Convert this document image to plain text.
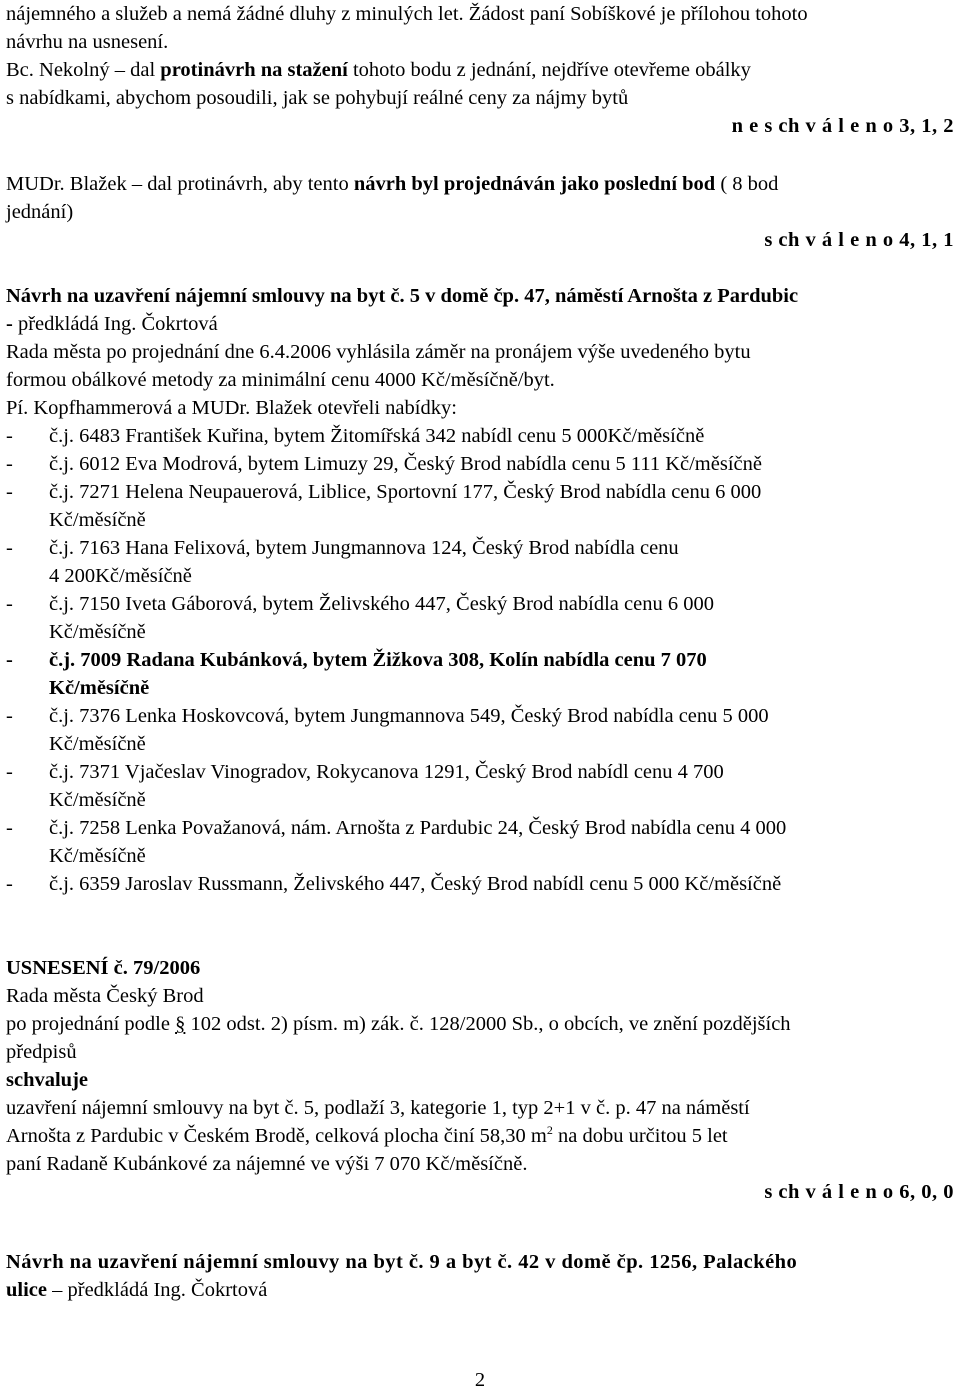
nájemného a služeb a nemá žádné dluhy z minulých let. Žádost paní Sobíškové je přílohou tohoto
návrhu na usnesení.
Bc. Nekolný – dal protinávrh na stažení tohoto bodu z jednání, nejdříve otevřeme obálky
s nabídkami, abychom posoudili, jak se pohybují reálné ceny za nájmy bytů
n e s ch v á l e n o 3, 1, 2
MUDr. Blažek – dal protinávrh, aby tento návrh byl projednáván jako poslední bod ( 8 bod
jednání)
s ch v á l e n o 4, 1, 1
Návrh na uzavření nájemní smlouvy na byt č. 5 v domě čp. 47, náměstí Arnošta z Pardubic
- předkládá Ing. Čokrtová
Rada města po projednání dne 6.4.2006 vyhlásila záměr na pronájem výše uvedeného bytu
formou obálkové metody za minimální cenu 4000 Kč/měsíčně/byt.
Pí. Kopfhammerová a MUDr. Blažek otevřeli nabídky:
- č.j. 6483 František Kuřina, bytem Žitomířská 342 nabídl cenu 5 000Kč/měsíčně
- č.j. 6012 Eva Modrová, bytem Limuzy 29, Český Brod nabídla cenu 5 111 Kč/měsíčně
- č.j. 7271 Helena Neupauerová, Liblice, Sportovní 177, Český Brod nabídla cenu 6 000
Kč/měsíčně
- č.j. 7163 Hana Felixová, bytem Jungmannova 124, Český Brod nabídla cenu
4 200Kč/měsíčně
- č.j. 7150 Iveta Gáborová, bytem Želivského 447, Český Brod nabídla cenu 6 000
Kč/měsíčně
- č.j. 7009 Radana Kubánková, bytem Žižkova 308, Kolín nabídla cenu 7 070
Kč/měsíčně
- č.j. 7376 Lenka Hoskovcová, bytem Jungmannova 549, Český Brod nabídla cenu 5 000
Kč/měsíčně
- č.j. 7371 Vjačeslav Vinogradov, Rokycanova 1291, Český Brod nabídl cenu 4 700
Kč/měsíčně
- č.j. 7258 Lenka Považanová, nám. Arnošta z Pardubic 24, Český Brod nabídla cenu 4 000
Kč/měsíčně
- č.j. 6359 Jaroslav Russmann, Želivského 447, Český Brod nabídl cenu 5 000 Kč/měsíčně
USNESENÍ č. 79/2006
Rada města Český Brod
po projednání podle § 102 odst. 2) písm. m) zák. č. 128/2000 Sb., o obcích, ve znění pozdějších
předpisů
schvaluje
uzavření nájemní smlouvy na byt č. 5, podlaží 3, kategorie 1, typ 2+1 v č. p. 47 na náměstí
Arnošta z Pardubic v Českém Brodě, celková plocha činí 58,30 $m^2$ na dobu určitou 5 let
paní Radaně Kubánkové za nájemné ve výši 7 070 Kč/měsíčně.
s ch v á l e n o 6, 0, 0
Návrh na uzavření nájemní smlouvy na byt č. 9 a byt č. 42 v domě čp. 1256, Palackého
ulice – předkládá Ing. Čokrtová
2
